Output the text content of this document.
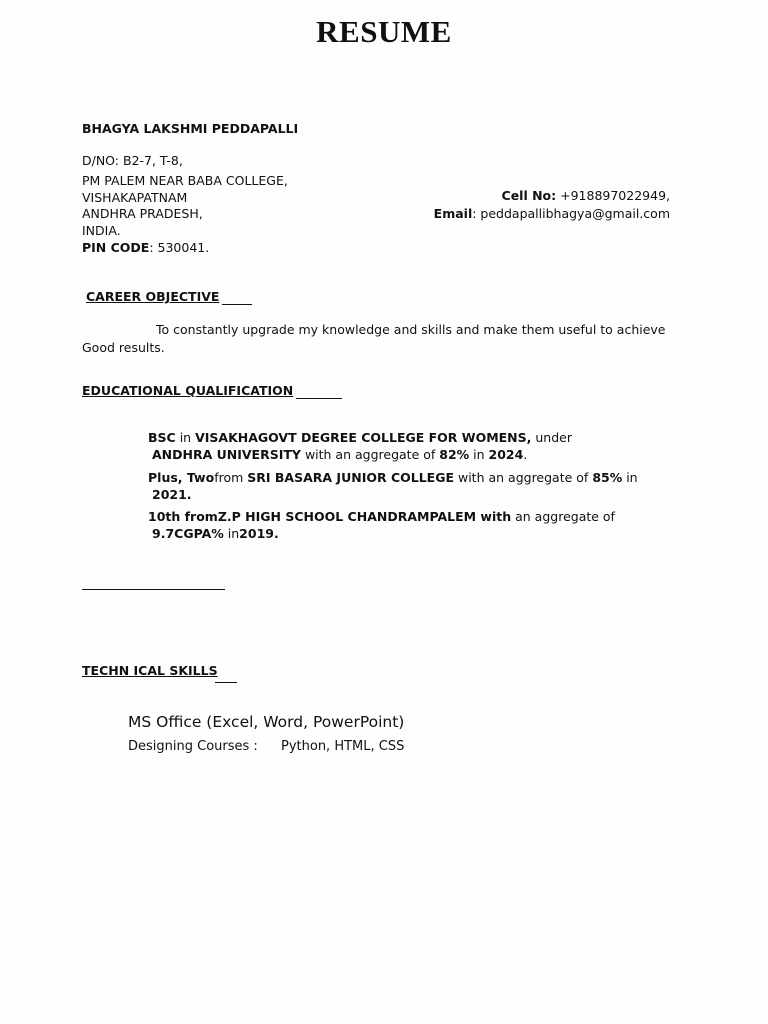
RESUME
BHAGYA LAKSHMI PEDDAPALLI
D/NO: B2-7, T-8,
PM PALEM NEAR BABA COLLEGE,
VISHAKAPATNAM
ANDHRA PRADESH,
INDIA.
PIN CODE: 530041.
Cell No: +918897022949,
Email: peddapallibhagya@gmail.com
CAREER OBJECTIVE
To constantly upgrade my knowledge and skills and make them useful to achieve
Good results.
EDUCATIONAL QUALIFICATION
BSC in VISAKHAGOVT DEGREE COLLEGE FOR WOMENS, under
ANDHRA UNIVERSITY with an aggregate of 82% in 2024.
Plus, Twofrom SRI BASARA JUNIOR COLLEGE with an aggregate of 85% in
2021.
10th fromZ.P HIGH SCHOOL CHANDRAMPALEM with an aggregate of
9.7CGPA% in2019.
TECHN ICAL SKILLS
MS Office (Excel, Word, PowerPoint)
Designing Courses : Python, HTML, CSS
